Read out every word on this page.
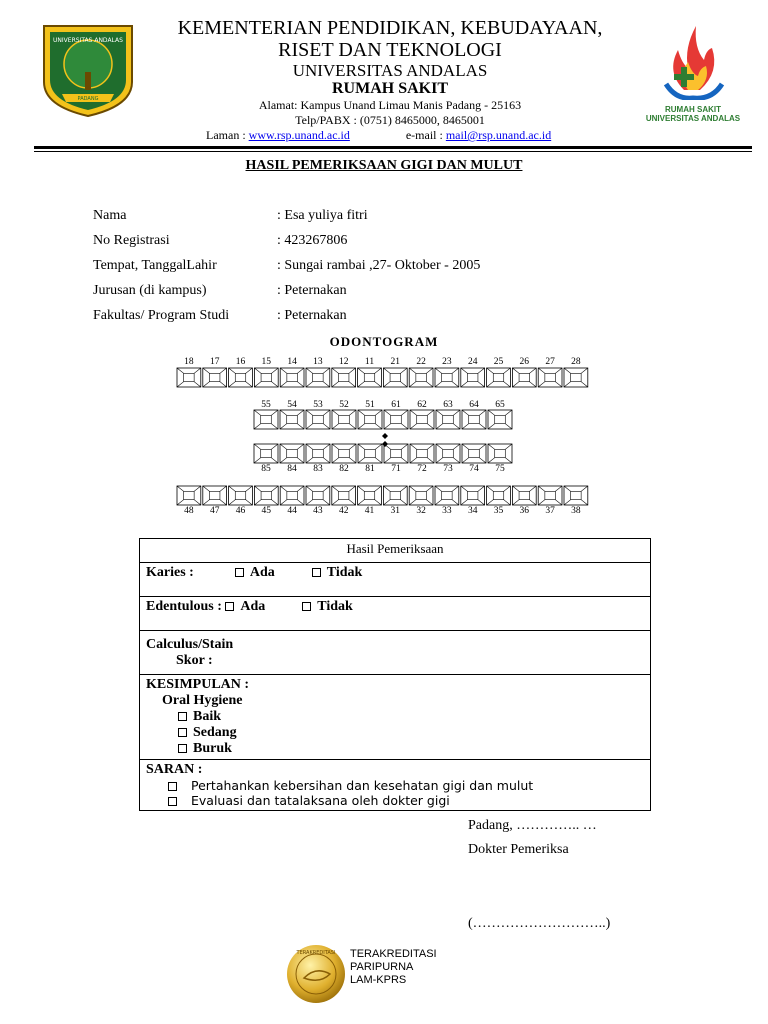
UNIVERSITAS ANDALAS
PADANG
RUMAH SAKIT
UNIVERSITAS ANDALAS
KEMENTERIAN PENDIDIKAN, KEBUDAYAAN,
RISET DAN TEKNOLOGI
UNIVERSITAS ANDALAS
RUMAH SAKIT
Alamat: Kampus Unand Limau Manis Padang - 25163
Telp/PABX : (0751) 8465000, 8465001
Laman : www.rsp.unand.ac.id	e-mail : mail@rsp.unand.ac.id
HASIL PEMERIKSAAN GIGI DAN MULUT
Nama	: Esa yuliya fitri
No Registrasi	: 423267806
Tempat, TanggalLahir	: Sungai rambai ,27- Oktober - 2005
Jurusan (di kampus)	: Peternakan
Fakultas/ Program Studi	: Peternakan
ODONTOGRAM
18 17 16 15 14 13 12 11 21 22 23 24 25 26 27 28
55 54 53 52 51 61 62 63 64 65
85 84 83 82 81 71 72 73 74 75
48 47 46 45 44 43 42 41 31 32 33 34 35 36 37 38
Hasil Pemeriksaan
Karies :	Ada	Tidak
Edentulous : Ada	Tidak

Calculus/Stain
Skor :

KESIMPULAN :
Oral Hygiene
Baik
Sedang
Buruk

SARAN :
Pertahankan kebersihan dan kesehatan gigi dan mulut
Evaluasi dan tatalaksana oleh dokter gigi
Padang, ………….. …
Dokter Pemeriksa
(………………………..)
TERAKREDITASI TERAKREDITASI
PARIPURNA
LAM-KPRS
